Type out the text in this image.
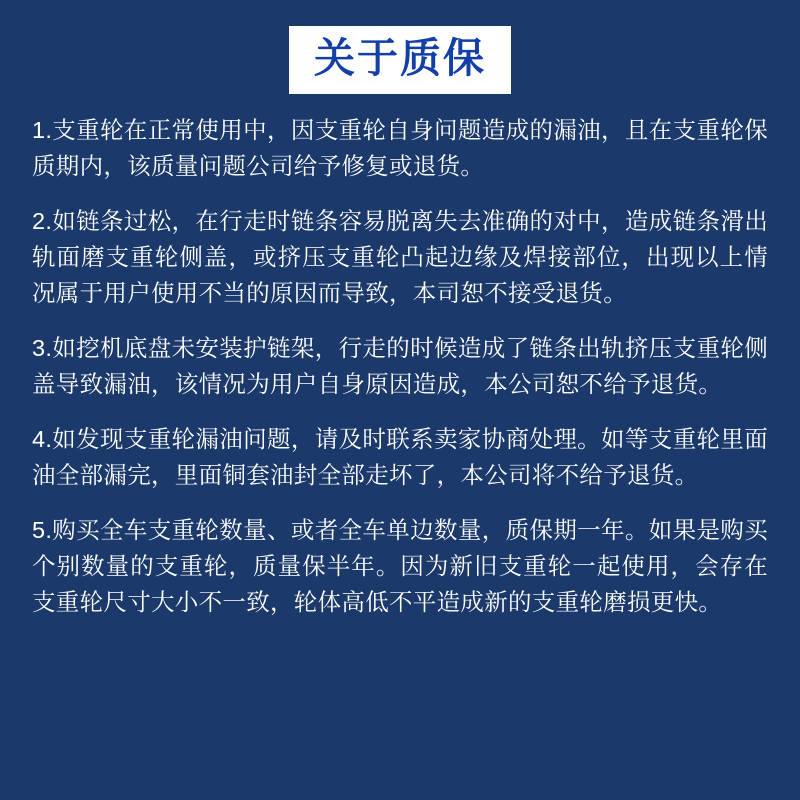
关于质保

1.支重轮在正常使用中，因支重轮自身问题造成的漏油，且在支重轮保质期内，该质量问题公司给予修复或退货。

2.如链条过松，在行走时链条容易脱离失去准确的对中，造成链条滑出轨面磨支重轮侧盖，或挤压支重轮凸起边缘及焊接部位，出现以上情况属于用户使用不当的原因而导致，本司恕不接受退货。

3.如挖机底盘未安装护链架，行走的时候造成了链条出轨挤压支重轮侧盖导致漏油，该情况为用户自身原因造成，本公司恕不给予退货。

4.如发现支重轮漏油问题，请及时联系卖家协商处理。如等支重轮里面油全部漏完，里面铜套油封全部走坏了，本公司将不给予退货。

5.购买全车支重轮数量、或者全车单边数量，质保期一年。如果是购买个别数量的支重轮，质量保半年。因为新旧支重轮一起使用，会存在支重轮尺寸大小不一致，轮体高低不平造成新的支重轮磨损更快。
